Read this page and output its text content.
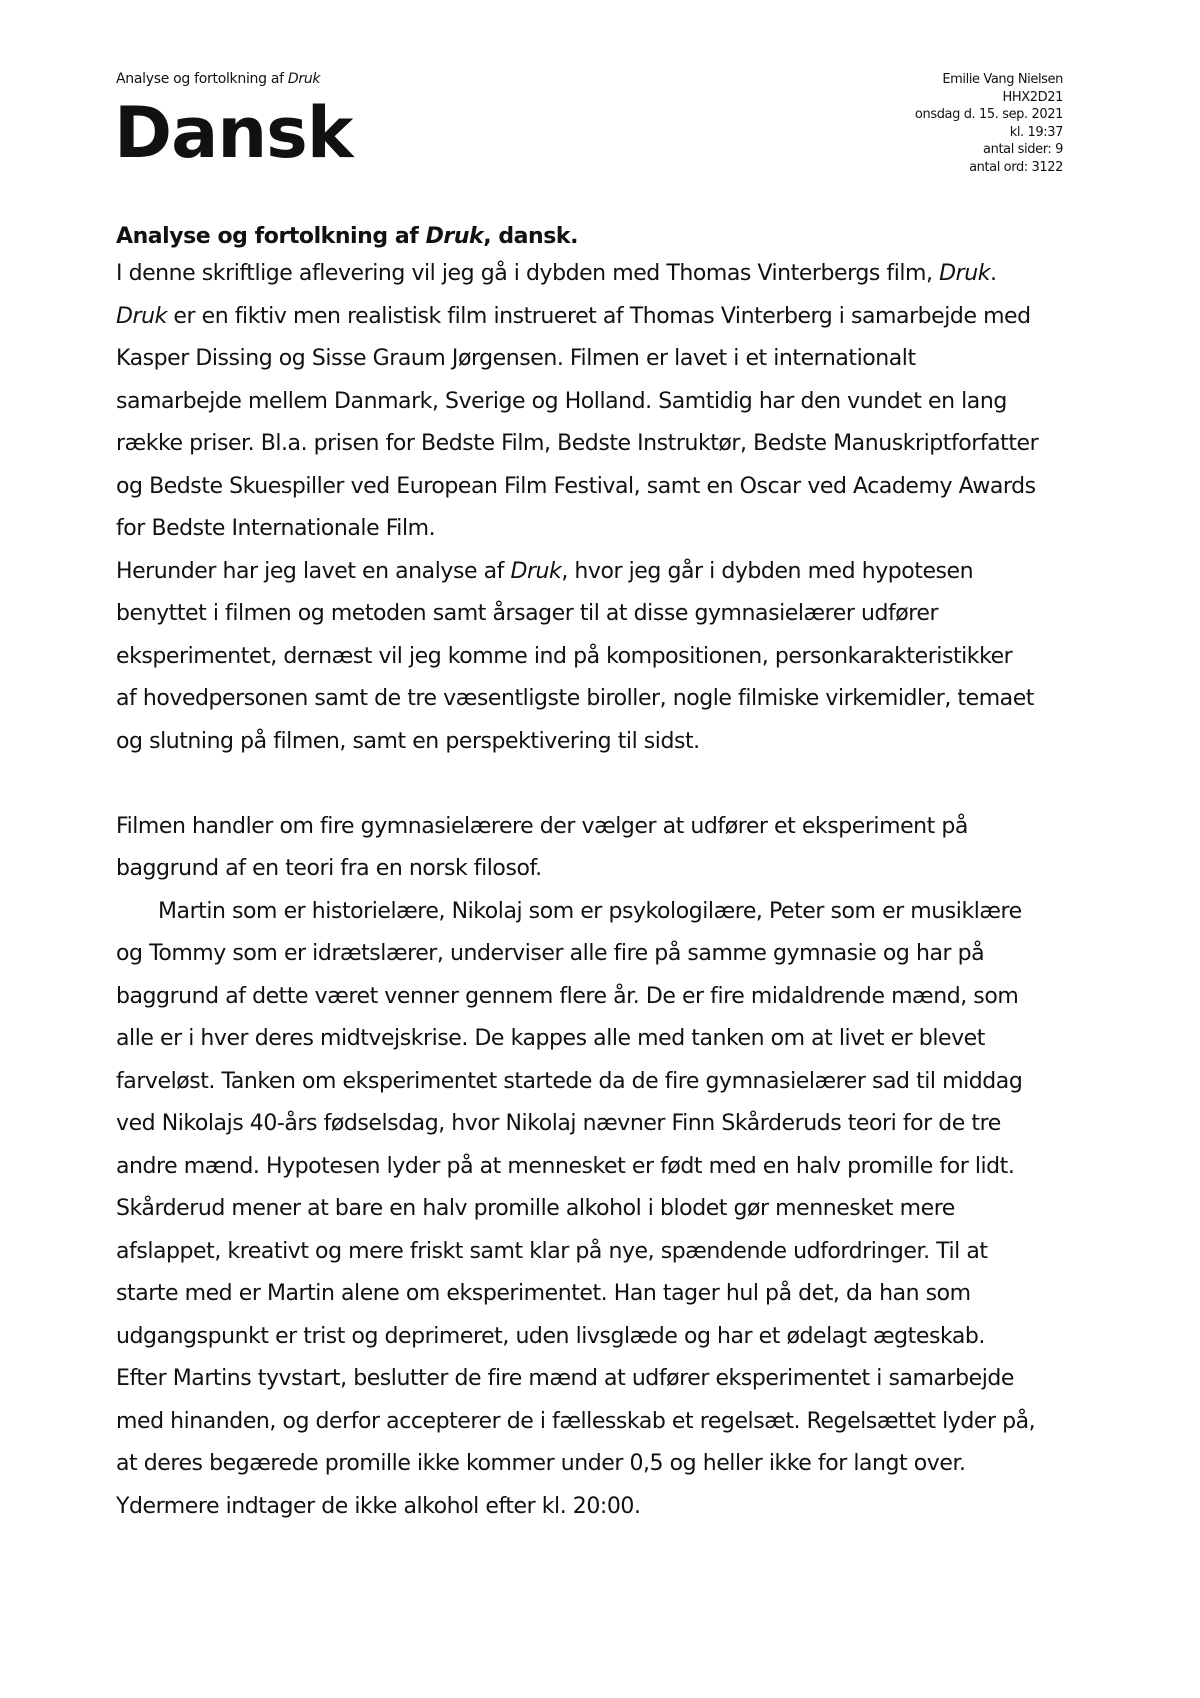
Analyse og fortolkning af Druk
Dansk
Emilie Vang Nielsen
HHX2D21
onsdag d. 15. sep. 2021
kl. 19:37
antal sider: 9
antal ord: 3122
Analyse og fortolkning af Druk, dansk.

I denne skriftlige aflevering vil jeg gå i dybden med Thomas Vinterbergs film, Druk.

Druk er en fiktiv men realistisk film instrueret af Thomas Vinterberg i samarbejde med

Kasper Dissing og Sisse Graum Jørgensen. Filmen er lavet i et internationalt

samarbejde mellem Danmark, Sverige og Holland. Samtidig har den vundet en lang

række priser. Bl.a. prisen for Bedste Film, Bedste Instruktør, Bedste Manuskriptforfatter

og Bedste Skuespiller ved European Film Festival, samt en Oscar ved Academy Awards

for Bedste Internationale Film.

Herunder har jeg lavet en analyse af Druk, hvor jeg går i dybden med hypotesen

benyttet i filmen og metoden samt årsager til at disse gymnasielærer udfører

eksperimentet, dernæst vil jeg komme ind på kompositionen, personkarakteristikker

af hovedpersonen samt de tre væsentligste biroller, nogle filmiske virkemidler, temaet

og slutning på filmen, samt en perspektivering til sidst.

Filmen handler om fire gymnasielærere der vælger at udfører et eksperiment på

baggrund af en teori fra en norsk filosof.

Martin som er historielære, Nikolaj som er psykologilære, Peter som er musiklære

og Tommy som er idrætslærer, underviser alle fire på samme gymnasie og har på

baggrund af dette været venner gennem flere år. De er fire midaldrende mænd, som

alle er i hver deres midtvejskrise. De kappes alle med tanken om at livet er blevet

farveløst. Tanken om eksperimentet startede da de fire gymnasielærer sad til middag

ved Nikolajs 40-års fødselsdag, hvor Nikolaj nævner Finn Skårderuds teori for de tre

andre mænd. Hypotesen lyder på at mennesket er født med en halv promille for lidt.

Skårderud mener at bare en halv promille alkohol i blodet gør mennesket mere

afslappet, kreativt og mere friskt samt klar på nye, spændende udfordringer. Til at

starte med er Martin alene om eksperimentet. Han tager hul på det, da han som

udgangspunkt er trist og deprimeret, uden livsglæde og har et ødelagt ægteskab.

Efter Martins tyvstart, beslutter de fire mænd at udfører eksperimentet i samarbejde

med hinanden, og derfor accepterer de i fællesskab et regelsæt. Regelsættet lyder på,

at deres begærede promille ikke kommer under 0,5 og heller ikke for langt over.

Ydermere indtager de ikke alkohol efter kl. 20:00.
